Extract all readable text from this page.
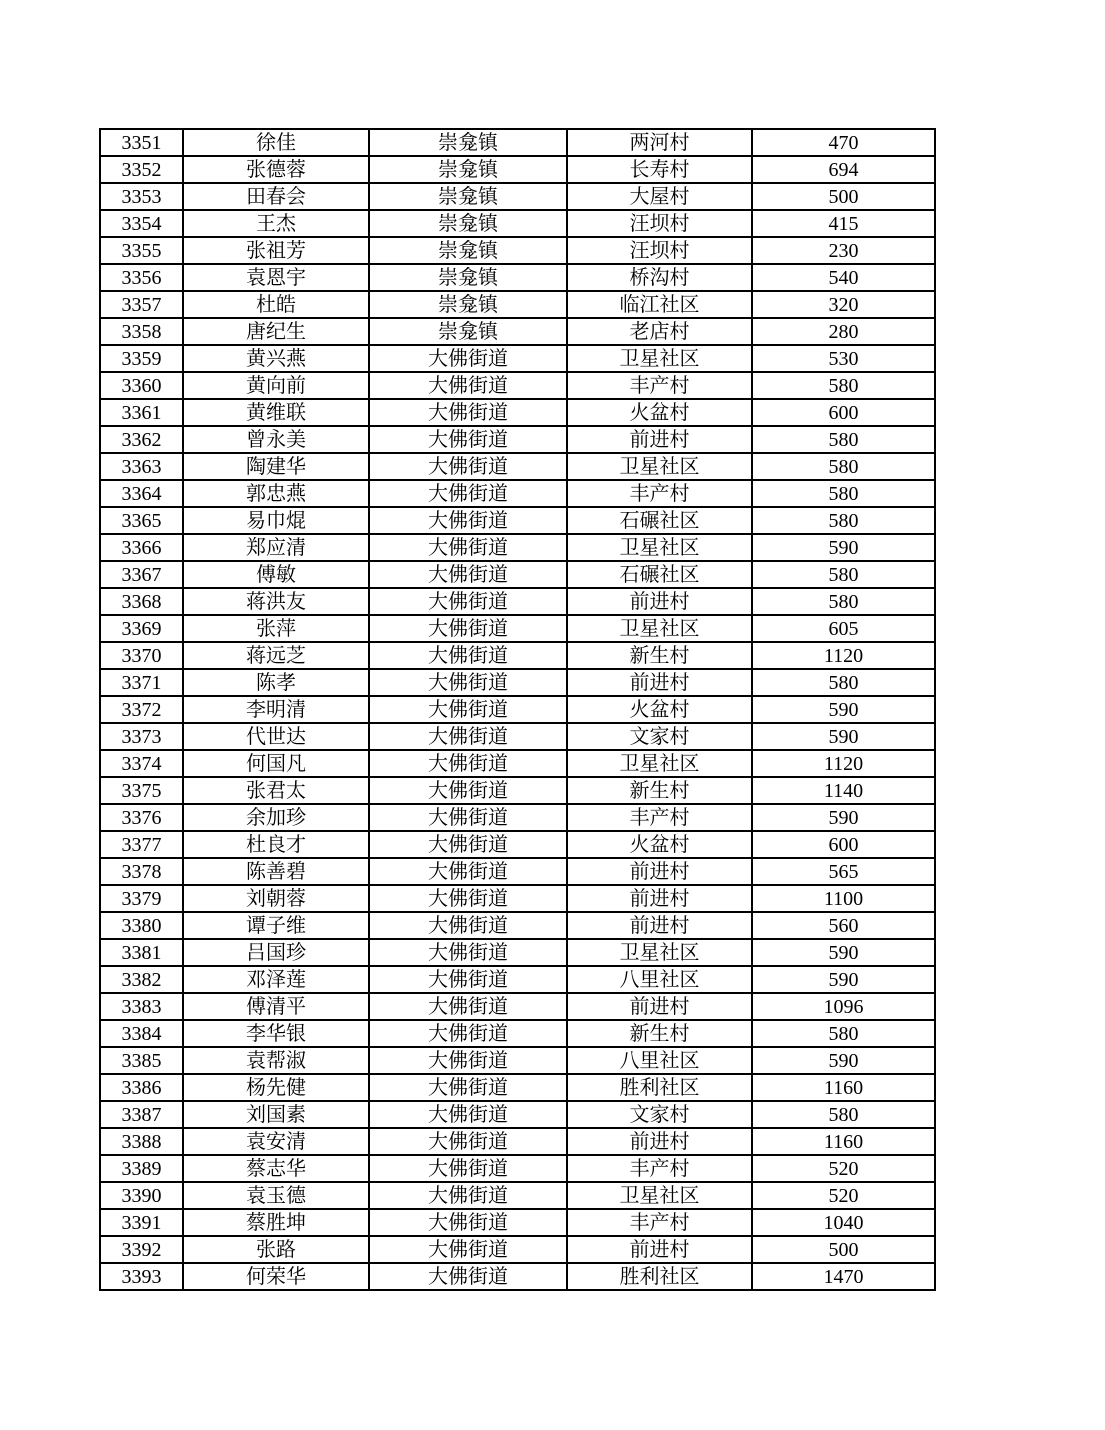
3351	徐佳	崇龛镇	两河村	470
3352	张德蓉	崇龛镇	长寿村	694
3353	田春会	崇龛镇	大屋村	500
3354	王杰	崇龛镇	汪坝村	415
3355	张祖芳	崇龛镇	汪坝村	230
3356	袁恩宇	崇龛镇	桥沟村	540
3357	杜皓	崇龛镇	临江社区	320
3358	唐纪生	崇龛镇	老店村	280
3359	黄兴燕	大佛街道	卫星社区	530
3360	黄向前	大佛街道	丰产村	580
3361	黄维联	大佛街道	火盆村	600
3362	曾永美	大佛街道	前进村	580
3363	陶建华	大佛街道	卫星社区	580
3364	郭忠燕	大佛街道	丰产村	580
3365	易巾焜	大佛街道	石碾社区	580
3366	郑应清	大佛街道	卫星社区	590
3367	傅敏	大佛街道	石碾社区	580
3368	蒋洪友	大佛街道	前进村	580
3369	张萍	大佛街道	卫星社区	605
3370	蒋远芝	大佛街道	新生村	1120
3371	陈孝	大佛街道	前进村	580
3372	李明清	大佛街道	火盆村	590
3373	代世达	大佛街道	文家村	590
3374	何国凡	大佛街道	卫星社区	1120
3375	张君太	大佛街道	新生村	1140
3376	余加珍	大佛街道	丰产村	590
3377	杜良才	大佛街道	火盆村	600
3378	陈善碧	大佛街道	前进村	565
3379	刘朝蓉	大佛街道	前进村	1100
3380	谭子维	大佛街道	前进村	560
3381	吕国珍	大佛街道	卫星社区	590
3382	邓泽莲	大佛街道	八里社区	590
3383	傅清平	大佛街道	前进村	1096
3384	李华银	大佛街道	新生村	580
3385	袁帮淑	大佛街道	八里社区	590
3386	杨先健	大佛街道	胜利社区	1160
3387	刘国素	大佛街道	文家村	580
3388	袁安清	大佛街道	前进村	1160
3389	蔡志华	大佛街道	丰产村	520
3390	袁玉德	大佛街道	卫星社区	520
3391	蔡胜坤	大佛街道	丰产村	1040
3392	张路	大佛街道	前进村	500
3393	何荣华	大佛街道	胜利社区	1470
